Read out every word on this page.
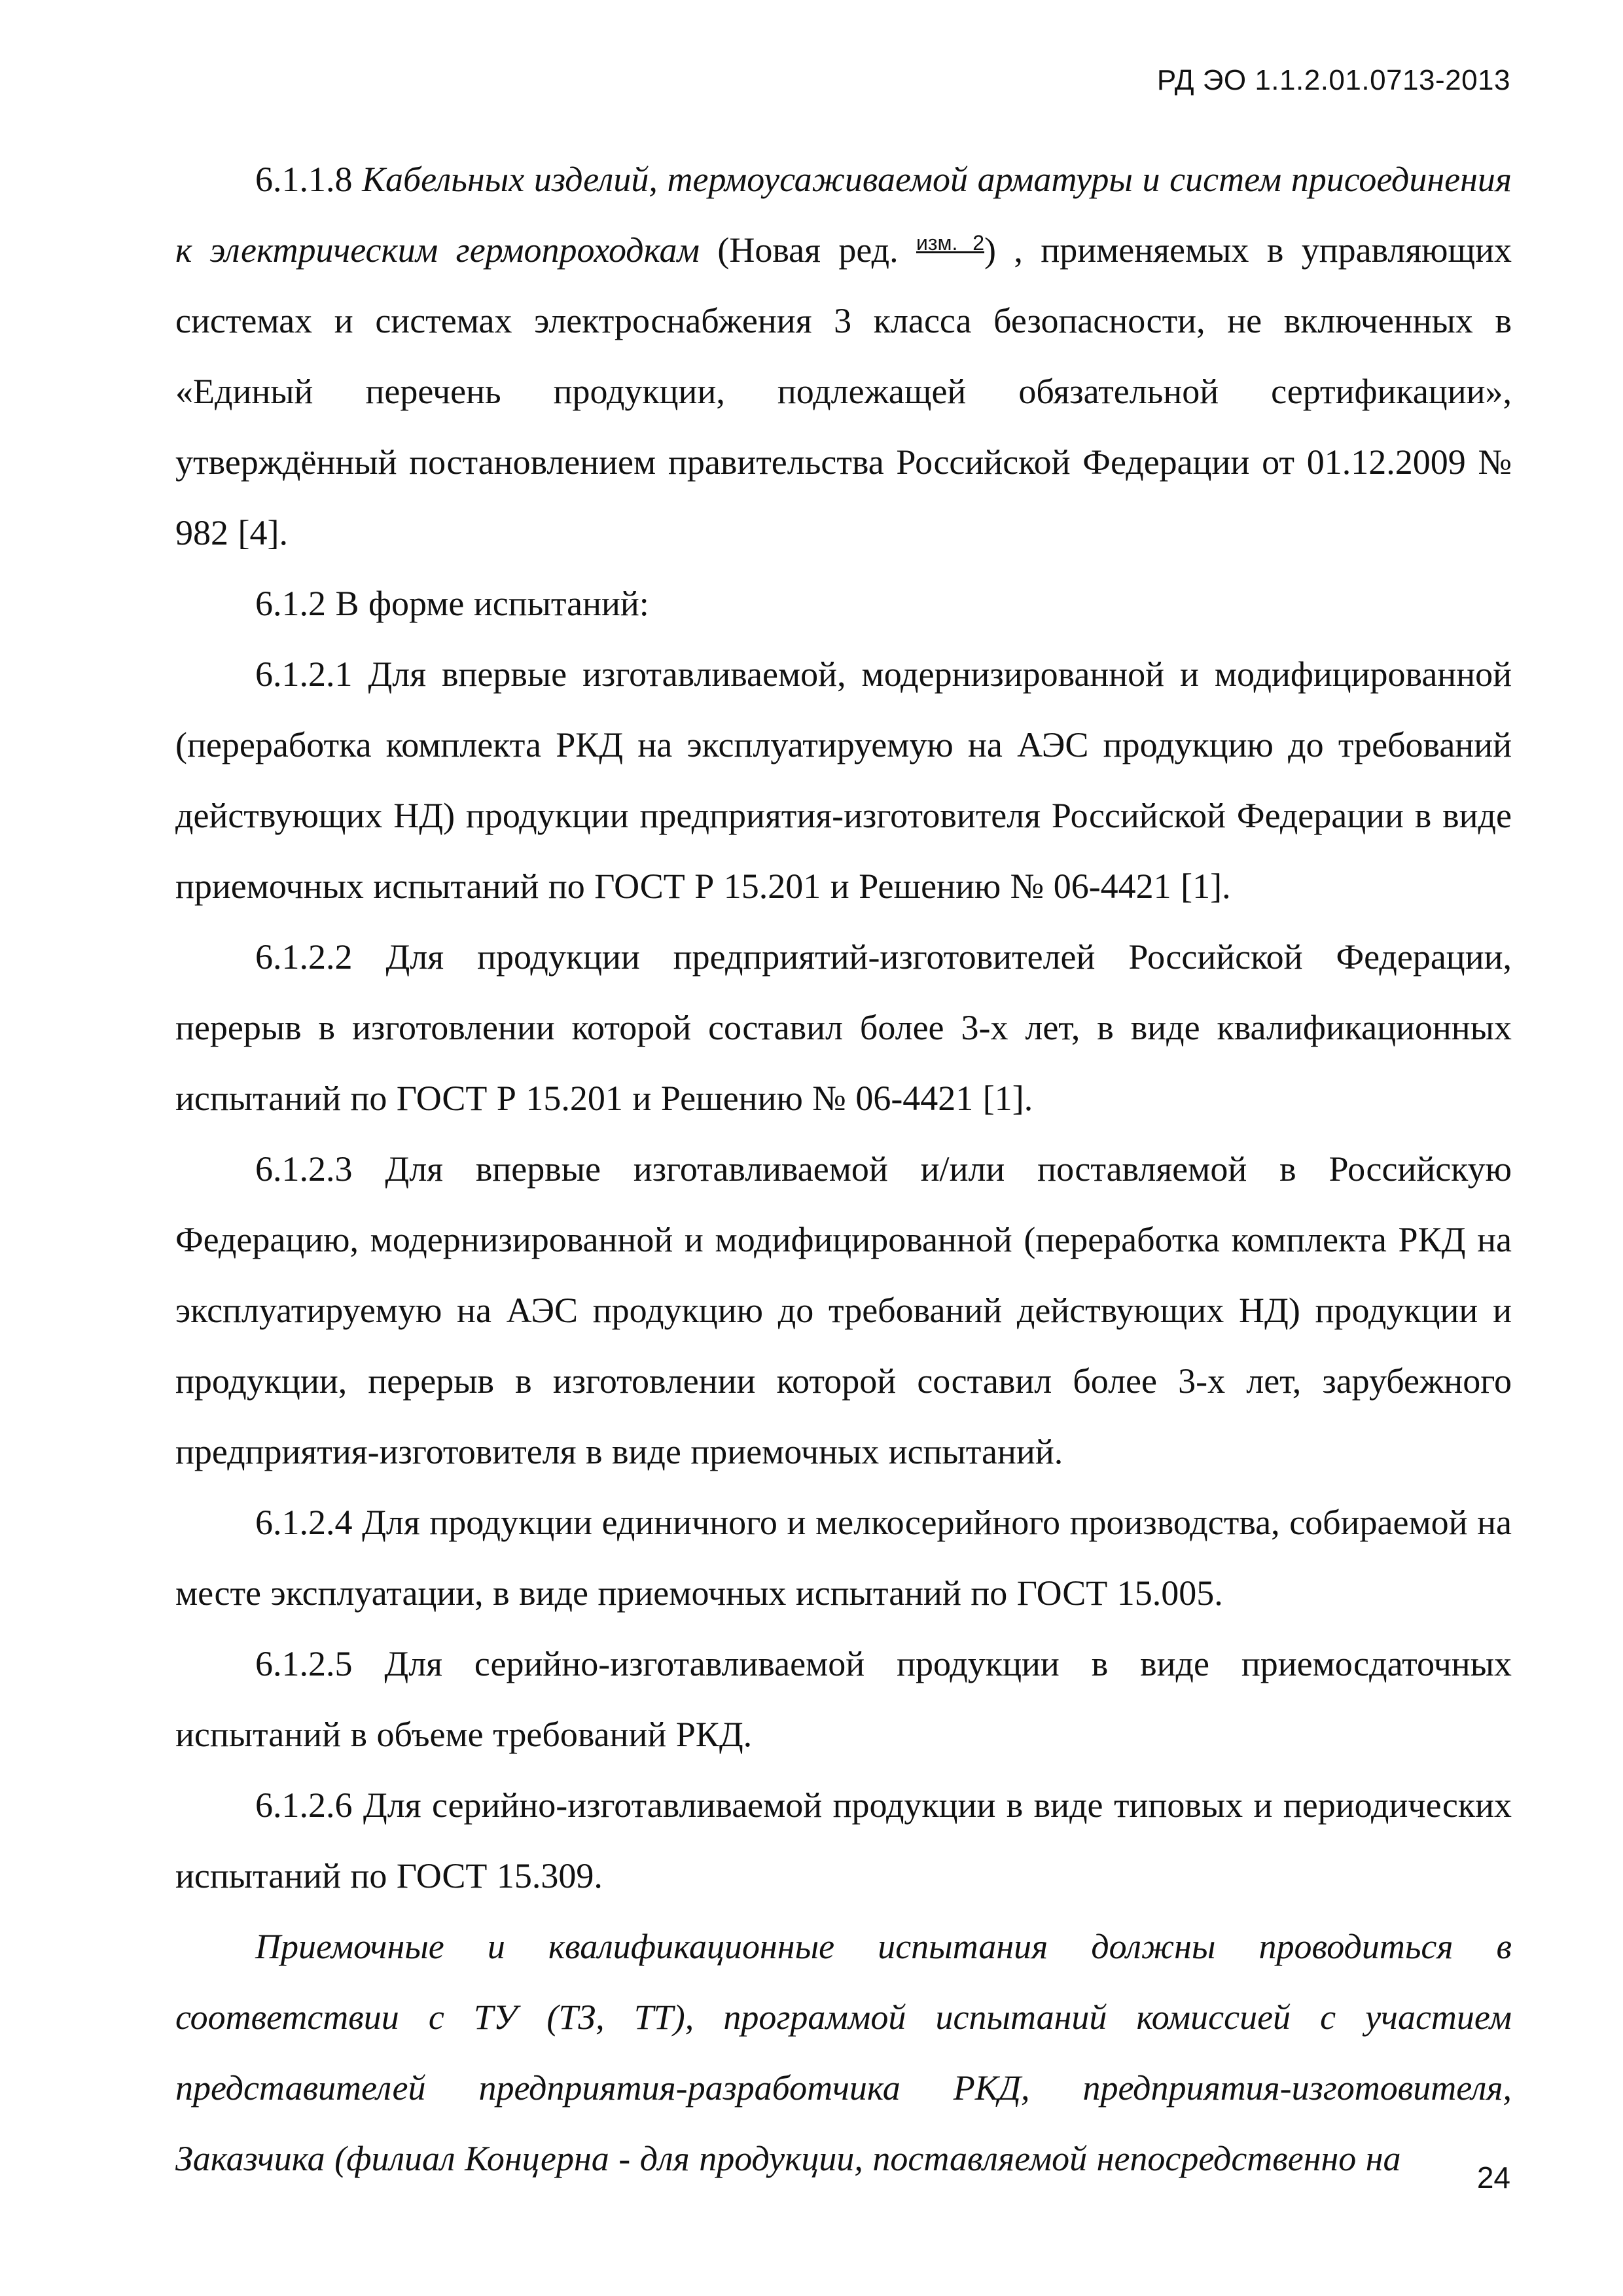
РД ЭО 1.1.2.01.0713-2013

6.1.1.8 Кабельных изделий, термоусаживаемой арматуры и систем присоединения к электрическим гермопроходкам (Новая ред. $^{изм. 2}$) , применяемых в управляющих системах и системах электроснабжения 3 класса безопасности, не включенных в «Единый перечень продукции, подлежащей обязательной сертификации», утверждённый постановлением правительства Российской Федерации от 01.12.2009 № 982 [4].

6.1.2 В форме испытаний:

6.1.2.1 Для впервые изготавливаемой, модернизированной и модифицированной (переработка комплекта РКД на эксплуатируемую на АЭС продукцию до требований действующих НД) продукции предприятия-изготовителя Российской Федерации в виде приемочных испытаний по ГОСТ Р 15.201 и Решению № 06-4421 [1].

6.1.2.2 Для продукции предприятий-изготовителей Российской Федерации, перерыв в изготовлении которой составил более 3-х лет, в виде квалификационных испытаний по ГОСТ Р 15.201 и Решению № 06-4421 [1].

6.1.2.3 Для впервые изготавливаемой и/или поставляемой в Российскую Федерацию, модернизированной и модифицированной (переработка комплекта РКД на эксплуатируемую на АЭС продукцию до требований действующих НД) продукции и продукции, перерыв в изготовлении которой составил более 3-х лет, зарубежного предприятия-изготовителя в виде приемочных испытаний.

6.1.2.4 Для продукции единичного и мелкосерийного производства, собираемой на месте эксплуатации, в виде приемочных испытаний по ГОСТ 15.005.

6.1.2.5 Для серийно-изготавливаемой продукции в виде приемосдаточных испытаний в объеме требований РКД.

6.1.2.6 Для серийно-изготавливаемой продукции в виде типовых и периодических испытаний по ГОСТ 15.309.

Приемочные и квалификационные испытания должны проводиться в соответствии с ТУ (ТЗ, ТТ), программой испытаний комиссией с участием представителей предприятия-разработчика РКД, предприятия-изготовителя, Заказчика (филиал Концерна - для продукции, поставляемой непосредственно на	24
